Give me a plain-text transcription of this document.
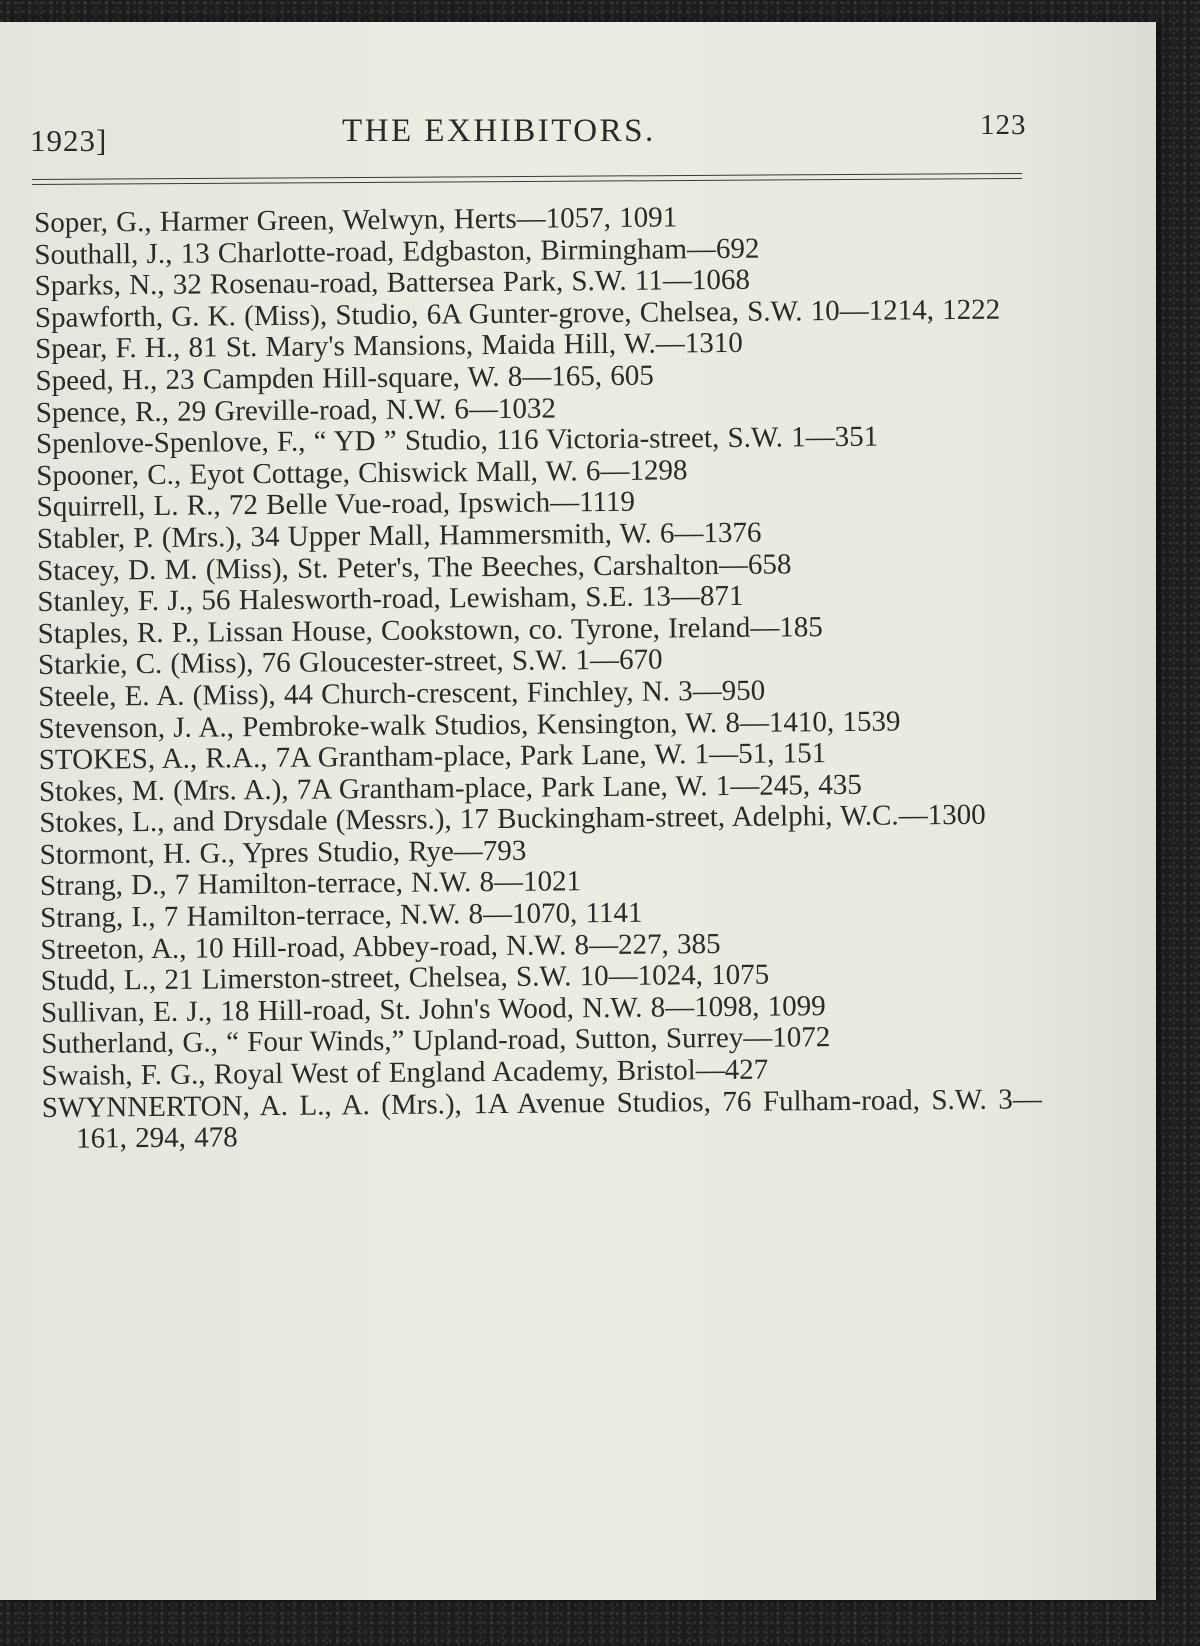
1923]	THE EXHIBITORS.	123
Soper, G., Harmer Green, Welwyn, Herts—1057, 1091
Southall, J., 13 Charlotte-road, Edgbaston, Birmingham—692
Sparks, N., 32 Rosenau-road, Battersea Park, S.W. 11—1068
Spawforth, G. K. (Miss), Studio, 6A Gunter-grove, Chelsea, S.W. 10—1214, 1222
Spear, F. H., 81 St. Mary's Mansions, Maida Hill, W.—1310
Speed, H., 23 Campden Hill-square, W. 8—165, 605
Spence, R., 29 Greville-road, N.W. 6—1032
Spenlove-Spenlove, F., “ YD ” Studio, 116 Victoria-street, S.W. 1—351
Spooner, C., Eyot Cottage, Chiswick Mall, W. 6—1298
Squirrell, L. R., 72 Belle Vue-road, Ipswich—1119
Stabler, P. (Mrs.), 34 Upper Mall, Hammersmith, W. 6—1376
Stacey, D. M. (Miss), St. Peter's, The Beeches, Carshalton—658
Stanley, F. J., 56 Halesworth-road, Lewisham, S.E. 13—871
Staples, R. P., Lissan House, Cookstown, co. Tyrone, Ireland—185
Starkie, C. (Miss), 76 Gloucester-street, S.W. 1—670
Steele, E. A. (Miss), 44 Church-crescent, Finchley, N. 3—950
Stevenson, J. A., Pembroke-walk Studios, Kensington, W. 8—1410, 1539
STOKES, A., R.A., 7A Grantham-place, Park Lane, W. 1—51, 151
Stokes, M. (Mrs. A.), 7A Grantham-place, Park Lane, W. 1—245, 435
Stokes, L., and Drysdale (Messrs.), 17 Buckingham-street, Adelphi, W.C.—1300
Stormont, H. G., Ypres Studio, Rye—793
Strang, D., 7 Hamilton-terrace, N.W. 8—1021
Strang, I., 7 Hamilton-terrace, N.W. 8—1070, 1141
Streeton, A., 10 Hill-road, Abbey-road, N.W. 8—227, 385
Studd, L., 21 Limerston-street, Chelsea, S.W. 10—1024, 1075
Sullivan, E. J., 18 Hill-road, St. John's Wood, N.W. 8—1098, 1099
Sutherland, G., “ Four Winds,” Upland-road, Sutton, Surrey—1072
Swaish, F. G., Royal West of England Academy, Bristol—427
SWYNNERTON, A. L., A. (Mrs.), 1A Avenue Studios, 76 Fulham-road, S.W. 3—161, 294, 478
